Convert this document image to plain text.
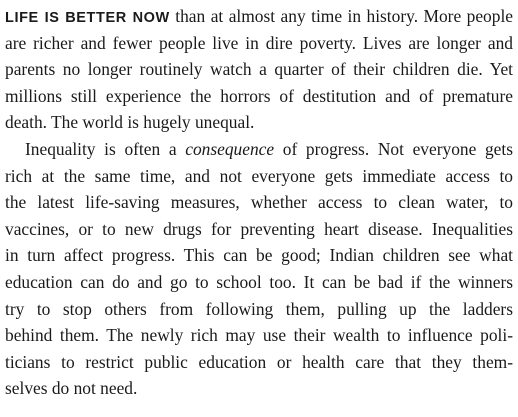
LIFE IS BETTER NOW than at almost any time in history. More people
are richer and fewer people live in dire poverty. Lives are longer and
parents no longer routinely watch a quarter of their children die. Yet
millions still experience the horrors of destitution and of premature
death. The world is hugely unequal.
Inequality is often a consequence of progress. Not everyone gets
rich at the same time, and not everyone gets immediate access to
the latest life-saving measures, whether access to clean water, to
vaccines, or to new drugs for preventing heart disease. Inequalities
in turn affect progress. This can be good; Indian children see what
education can do and go to school too. It can be bad if the winners
try to stop others from following them, pulling up the ladders
behind them. The newly rich may use their wealth to influence poli-
ticians to restrict public education or health care that they them-
selves do not need.
